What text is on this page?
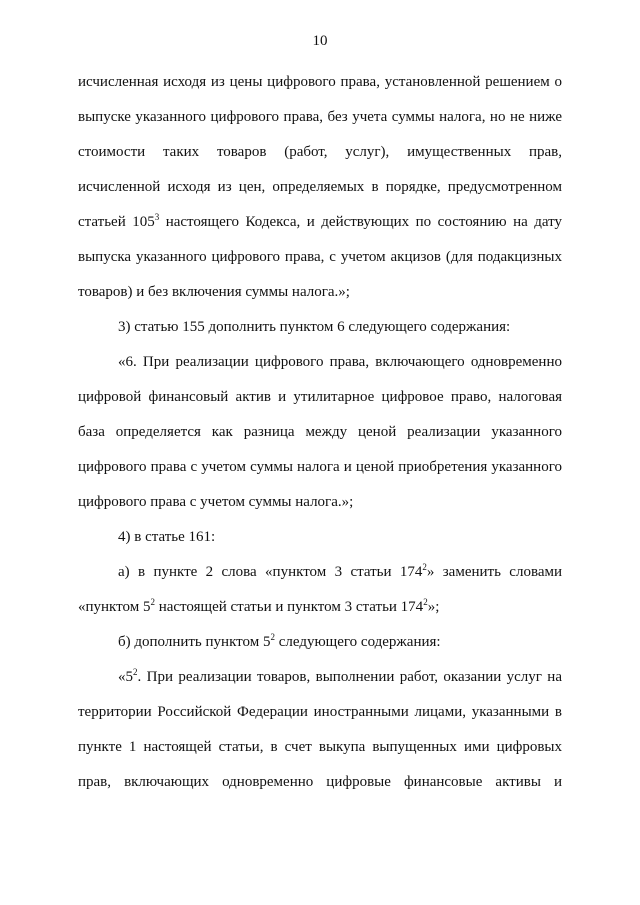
10
исчисленная исходя из цены цифрового права, установленной решением о
выпуске указанного цифрового права, без учета суммы налога, но не ниже
стоимости таких товаров (работ, услуг), имущественных прав,
исчисленной исходя из цен, определяемых в порядке, предусмотренном
статьей $105^3$ настоящего Кодекса, и действующих по состоянию на дату
выпуска указанного цифрового права, с учетом акцизов (для подакцизных
товаров) и без включения суммы налога.»;
3) статью 155 дополнить пунктом 6 следующего содержания:
«6. При реализации цифрового права, включающего одновременно
цифровой финансовый актив и утилитарное цифровое право, налоговая
база определяется как разница между ценой реализации указанного
цифрового права с учетом суммы налога и ценой приобретения указанного
цифрового права с учетом суммы налога.»;
4) в статье 161:
а) в пункте 2 слова «пунктом 3 статьи $174^2$» заменить словами
«пунктом $5^2$ настоящей статьи и пунктом 3 статьи $174^2$»;
б) дополнить пунктом $5^2$ следующего содержания:
«$5^2$. При реализации товаров, выполнении работ, оказании услуг на
территории Российской Федерации иностранными лицами, указанными в
пункте 1 настоящей статьи, в счет выкупа выпущенных ими цифровых
прав, включающих одновременно цифровые финансовые активы и
